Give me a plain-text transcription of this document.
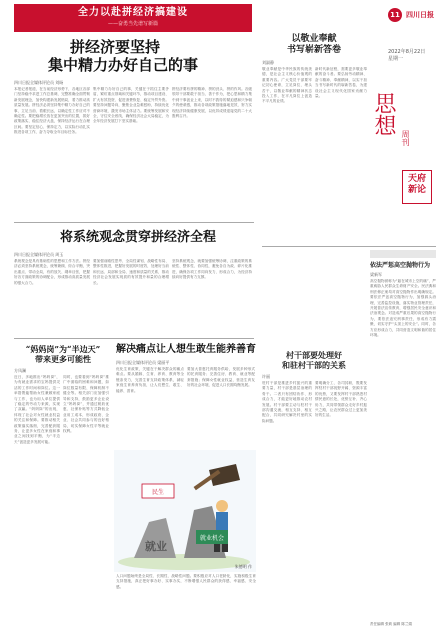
全力以赴拼经济搞建设
——奋勇当先谱写新篇
拼经济要坚持
集中精力办好自己的事
四川日报全媒体评论员 刘旸
本报记者报道，在当前经济形势下，各地区各部门坚持稳中求进工作总基调，完整准确全面贯彻新发展理念，加快构建新发展格局，着力推动高质量发展。拼经济必须坚持集中精力办好自己的事，立足当前、着眼长远，以确定性工作应对不确定性。要把稳增长放在更加突出的位置，抓好政策落实，稳住经济大盘，保持经济运行在合理区间。要坚定信心、保持定力，以实际行动扎实推进各项工作，奋力夺取全年目标任务。
集中精力办好自己的事，关键在于抓住主要矛盾，紧盯重点领域和关键环节，推动项目建设、扩大有效投资、促进消费恢复、稳定外贸外资。要坚持问题导向，聚焦企业急难愁盼，持续优化营商环境，激发市场主体活力。要统筹发展和安全，守住安全底线，确保经济社会大局稳定，为全年经济发展打下坚实基础。
拼经济要有拼的精神、拼的劲头、拼的作风。各级领导干部要敢于担当、善于作为，把心思和精力集中到干事创业上来，以时不我待的紧迫感和只争朝夕的使命感，推动各项政策措施落地见效，努力实现经济持续健康发展，以优异成绩迎接党的二十大胜利召开。
将系统观念贯穿拼经济全程
四川日报全媒体评论员 周玉
系统观念是具有基础性的思想和工作方法。拼经济必须坚持系统观念，统筹兼顾、综合平衡，突出重点、带动全局，有的放矢、纲举目张，把握好各方面政策的协调配合，形成推动高质量发展的强大合力。
要加强前瞻性思考、全局性谋划、战略性布局、整体性推进，把握好发展的时度效，处理好当前和长远、局部和全局、速度和质量的关系，推动经济社会发展实现质的有效提升和量的合理增长。
坚持系统观念，就要加强统筹协调，注重政策的系统性、整体性、协同性，避免各自为政、碎片化推进，确保各项工作同向发力、形成合力，为经济持续向好提供有力支撑。
“妈妈岗”为“半边天”
带来更多可能性
方凤澜
近日，多地推出“妈妈岗”，为有就业需求的宝妈提供灵活的工作时间和岗位。这一举措既能帮助女性兼顾家庭与工作，也为用人单位提供了稳定的劳动力来源，实现了双赢。“妈妈岗”的出现，体现了社会对女性就业权益的关注和保障。要推动相关政策落实落细，完善配套服务，让更多女性在家庭和事业之间找到平衡，为“半边天”创造更多发展可能。
同时，也要看到“妈妈岗”推广中面临的困难和问题，如岗位数量有限、保障机制不健全等。相关部门应加强引导和支持，鼓励更多企业设立“妈妈岗”，并通过税收优惠、社保补贴等方式降低企业用工成本，形成政府、企业、社会共同参与的良好格局，切实保障女性平等就业权利。
解决痛点让人想生敢生能养善育
四川日报全媒体评论员 梁丽平
优化生育政策，关键在于解决群众的痛点难点。要从婚嫁、生育、养育、教育等全链条发力，完善生育支持政策体系，减轻家庭生育养育负担，让人们想生、敢生、能养、善育。
要加大普惠托育服务供给，发展多种形式的托育服务；完善住房、教育、就业等配套措施；保障女性就业权益，营造生育友好的社会环境，促进人口长期均衡发展。
民生
就业
就业机会
朱德明 作
人口问题始终是全局性、长期性、战略性问题。要积极应对人口老龄化，实施积极生育支持措施，真正把好事办好、实事办实，不断增强人民群众的获得感、幸福感、安全感。
11 四川日报
2022年8月22日
星期一
思想
周刊
天府新论
以敬业奉献
书写崭新答卷
刘淑静
敬业奉献是中华民族的传统美德，是社会主义核心价值观的重要内容。广大党员干部要牢记初心使命，立足岗位、埋头苦干，以敬业奉献的精神状态投入工作，在平凡岗位上创造不平凡的业绩。
新时代新征程，需要更多敬业奉献的奋斗者。要弘扬劳动精神、奋斗精神、奉献精神，以实干担当书写新时代的崭新答卷，为建设社会主义现代化国家贡献力量。
依法严惩高空抛物行为
梁新军
高空抛物被称为“悬在城市上空的痛”，严重威胁人民群众生命财产安全。民法典和刑法修正案均对高空抛物作出明确规定。要依法严惩高空抛物行为，加强源头治理，完善监控设施，落实物业管理责任，开展普法宣传教育，增强居民安全意识和法治观念。对造成严重后果的高空抛物行为，要依法追究刑事责任，形成有力震慑，切实守护“头顶上的安全”。同时，各方应形成合力，共同营造文明和谐的居住环境。
村干部要处理好
和驻村干部的关系
许丽
驻村干部是推进乡村振兴的重要力量，村干部是基层治理的骨干。二者只有团结协作、形成合力，才能更好地推动农村发展。村干部要主动与驻村干部沟通交流，相互支持、相互配合，共同研究解决村里的实际问题。
要明确分工、各司其职，既要发挥驻村干部视野开阔、资源丰富的优势，又要发挥村干部熟悉村情民意的长处，优势互补、齐心协力，共同带领群众走好乡村振兴之路，让农民群众过上更加美好的生活。
责任编辑 张莉 编辑 陈兰娟
